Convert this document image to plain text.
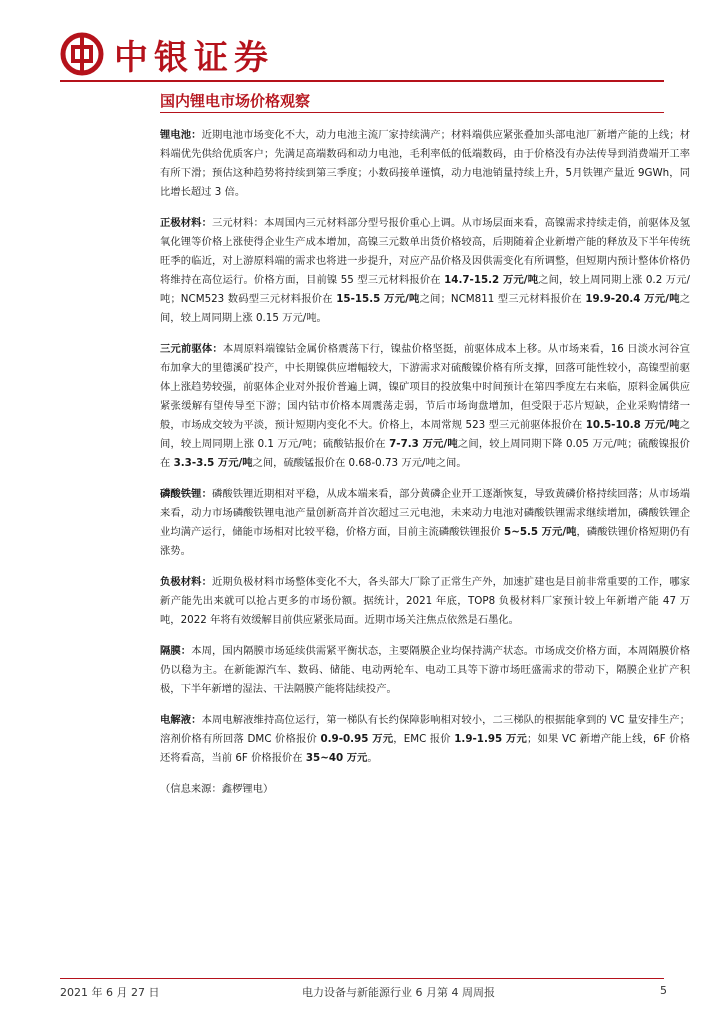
中银证券
国内锂电市场价格观察
锂电池：近期电池市场变化不大，动力电池主流厂家持续满产；材料端供应紧张叠加头部电池厂新增产能的上线；材料端优先供给优质客户；先满足高端数码和动力电池，毛利率低的低端数码，由于价格没有办法传导到消费端开工率有所下滑；预估这种趋势将持续到第三季度；小数码接单谨慎，动力电池销量持续上升，5月铁锂产量近 9GWh，同比增长超过 3 倍。
正极材料：三元材料：本周国内三元材料部分型号报价重心上调。从市场层面来看，高镍需求持续走俏，前驱体及氢氧化锂等价格上涨使得企业生产成本增加，高镍三元数单出货价格较高，后期随着企业新增产能的释放及下半年传统旺季的临近，对上游原料端的需求也将进一步提升，对应产品价格及因供需变化有所调整，但短期内预计整体价格仍将维持在高位运行。价格方面，目前镍 55 型三元材料报价在 14.7-15.2 万元/吨之间，较上周同期上涨 0.2 万元/吨；NCM523 数码型三元材料报价在 15-15.5 万元/吨之间；NCM811 型三元材料报价在 19.9-20.4 万元/吨之间，较上周同期上涨 0.15 万元/吨。
三元前驱体：本周原料端镍钴金属价格震荡下行，镍盐价格坚挺，前驱体成本上移。从市场来看，16 日淡水河谷宣布加拿大的里德溪矿投产，中长期镍供应增幅较大，下游需求对硫酸镍价格有所支撑，回落可能性较小，高镍型前驱体上涨趋势较强，前驱体企业对外报价普遍上调，镍矿项目的投放集中时间预计在第四季度左右来临，原料金属供应紧张缓解有望传导至下游；国内钴市价格本周震荡走弱，节后市场询盘增加，但受限于芯片短缺，企业采购情绪一般，市场成交较为平淡，预计短期内变化不大。价格上，本周常规 523 型三元前驱体报价在 10.5-10.8 万元/吨之间，较上周同期上涨 0.1 万元/吨；硫酸钴报价在 7-7.3 万元/吨之间，较上周同期下降 0.05 万元/吨；硫酸镍报价在 3.3-3.5 万元/吨之间，硫酸锰报价在 0.68-0.73 万元/吨之间。
磷酸铁锂：磷酸铁锂近期相对平稳，从成本端来看，部分黄磷企业开工逐渐恢复，导致黄磷价格持续回落；从市场端来看，动力市场磷酸铁锂电池产量创新高并首次超过三元电池，未来动力电池对磷酸铁锂需求继续增加，磷酸铁锂企业均满产运行，储能市场相对比较平稳，价格方面，目前主流磷酸铁锂报价 5~5.5 万元/吨，磷酸铁锂价格短期仍有涨势。
负极材料：近期负极材料市场整体变化不大，各头部大厂除了正常生产外，加速扩建也是目前非常重要的工作，哪家新产能先出来就可以抢占更多的市场份额。据统计，2021 年底，TOP8 负极材料厂家预计较上年新增产能 47 万吨，2022 年将有效缓解目前供应紧张局面。近期市场关注焦点依然是石墨化。
隔膜：本周，国内隔膜市场延续供需紧平衡状态，主要隔膜企业均保持满产状态。市场成交价格方面，本周隔膜价格仍以稳为主。在新能源汽车、数码、储能、电动两轮车、电动工具等下游市场旺盛需求的带动下，隔膜企业扩产积极，下半年新增的湿法、干法隔膜产能将陆续投产。
电解液：本周电解液维持高位运行，第一梯队有长约保障影响相对较小，二三梯队的根据能拿到的 VC 量安排生产；溶剂价格有所回落 DMC 价格报价 0.9-0.95 万元，EMC 报价 1.9-1.95 万元；如果 VC 新增产能上线，6F 价格还将看高，当前 6F 价格报价在 35~40 万元。
（信息来源：鑫椤锂电）
2021 年 6 月 27 日	电力设备与新能源行业 6 月第 4 周周报	5
